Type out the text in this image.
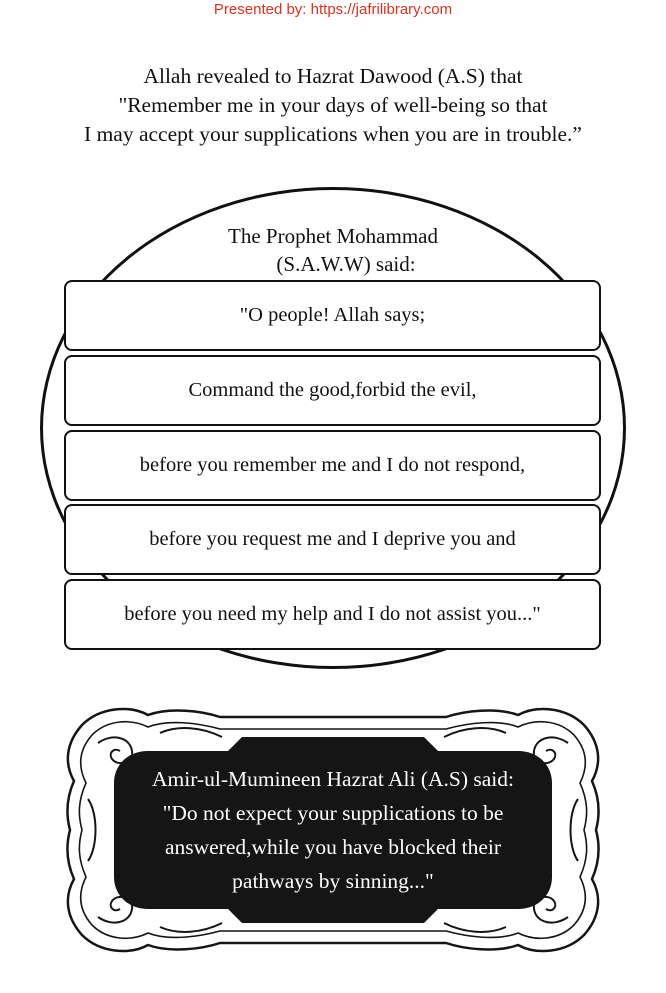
Presented by: https://jafrilibrary.com
Allah revealed to Hazrat Dawood (A.S) that
"Remember me in your days of well-being so that
I may accept your supplications when you are in trouble.”
The Prophet Mohammad
(S.A.W.W) said:
"O people! Allah says;
Command the good,forbid the evil,
before you remember me and I do not respond,
before you request me and I deprive you and
before you need my help and I do not assist you..."
Amir-ul-Mumineen Hazrat Ali (A.S) said:
"Do not expect your supplications to be
answered,while you have blocked their
pathways by sinning..."
